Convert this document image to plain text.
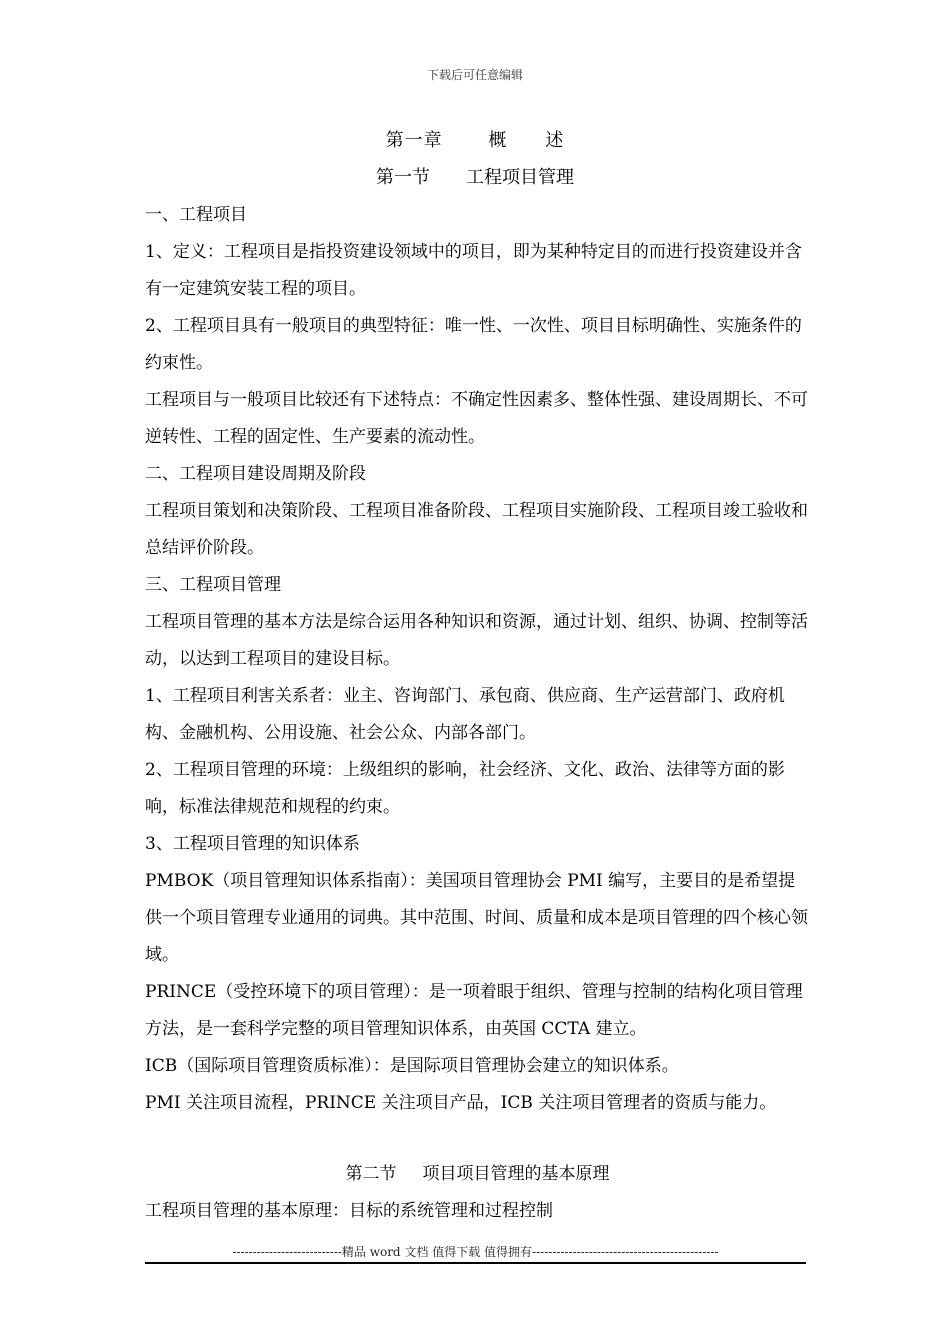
下载后可任意编辑
第一章　 概　　述
第一节　　工程项目管理

一、工程项目

1、定义：工程项目是指投资建设领域中的项目，即为某种特定目的而进行投资建设并含有一定建筑安装工程的项目。

2、工程项目具有一般项目的典型特征：唯一性、一次性、项目目标明确性、实施条件的约束性。

工程项目与一般项目比较还有下述特点：不确定性因素多、整体性强、建设周期长、不可逆转性、工程的固定性、生产要素的流动性。

二、工程项目建设周期及阶段

工程项目策划和决策阶段、工程项目准备阶段、工程项目实施阶段、工程项目竣工验收和总结评价阶段。

三、工程项目管理

工程项目管理的基本方法是综合运用各种知识和资源，通过计划、组织、协调、控制等活动，以达到工程项目的建设目标。

1、工程项目利害关系者：业主、咨询部门、承包商、供应商、生产运营部门、政府机构、金融机构、公用设施、社会公众、内部各部门。

2、工程项目管理的环境：上级组织的影响，社会经济、文化、政治、法律等方面的影响，标准法律规范和规程的约束。

3、工程项目管理的知识体系

PMBOK（项目管理知识体系指南）：美国项目管理协会 PMI 编写，主要目的是希望提供一个项目管理专业通用的词典。其中范围、时间、质量和成本是项目管理的四个核心领域。

PRINCE（受控环境下的项目管理）：是一项着眼于组织、管理与控制的结构化项目管理方法，是一套科学完整的项目管理知识体系，由英国 CCTA 建立。

ICB（国际项目管理资质标准）：是国际项目管理协会建立的知识体系。

PMI 关注项目流程，PRINCE 关注项目产品，ICB 关注项目管理者的资质与能力。

第二节 项目项目管理的基本原理

工程项目管理的基本原理：目标的系统管理和过程控制

---------------------------精品 word 文档 值得下载 值得拥有----------------------------------------------
